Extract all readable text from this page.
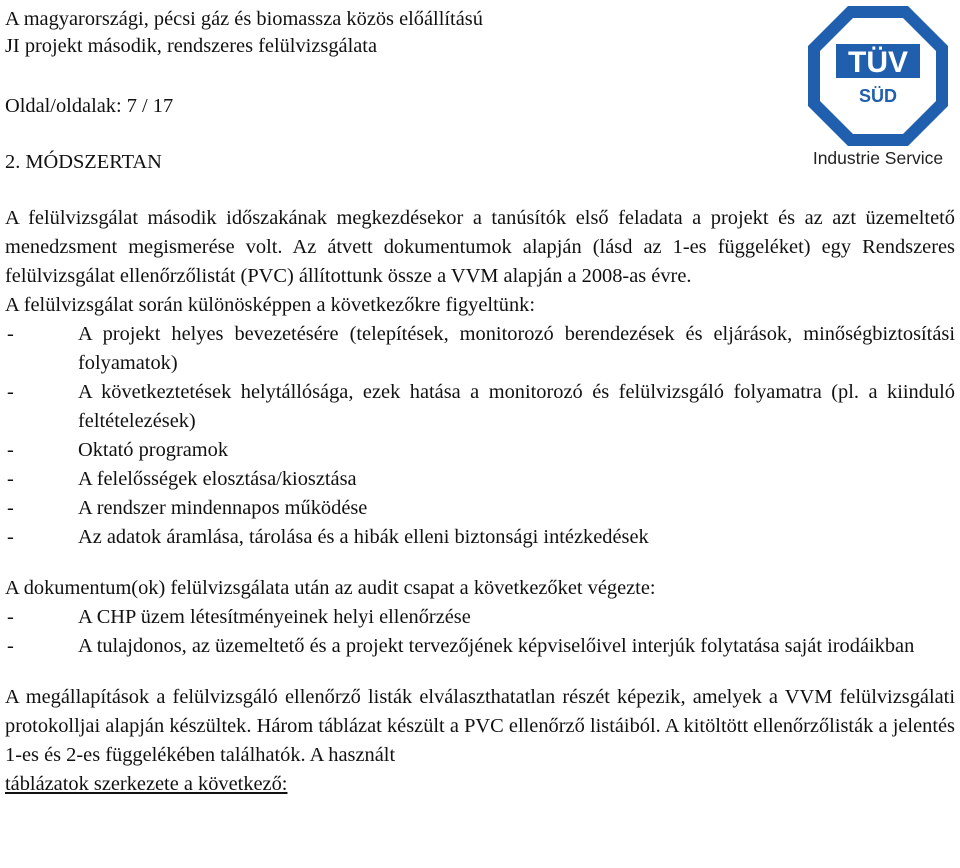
A magyarországi, pécsi gáz és biomassza közös előállítású
JI projekt második, rendszeres felülvizsgálata
Oldal/oldalak: 7 / 17
2. MÓDSZERTAN
TÜV
SÜD
Industrie Service

A felülvizsgálat második időszakának megkezdésekor a tanúsítók első feladata a projekt és az azt üzemeltető menedzsment megismerése volt. Az átvett dokumentumok alapján (lásd az 1-es függeléket) egy Rendszeres felülvizsgálat ellenőrzőlistát (PVC) állítottunk össze a VVM alapján a 2008-as évre.

A felülvizsgálat során különösképpen a következőkre figyeltünk:

- A projekt helyes bevezetésére (telepítések, monitorozó berendezések és eljárások, minőségbiztosítási folyamatok)
- A következtetések helytállósága, ezek hatása a monitorozó és felülvizsgáló folyamatra (pl. a kiinduló feltételezések)
- Oktató programok
- A felelősségek elosztása/kiosztása
- A rendszer mindennapos működése
- Az adatok áramlása, tárolása és a hibák elleni biztonsági intézkedések

A dokumentum(ok) felülvizsgálata után az audit csapat a következőket végezte:

- A CHP üzem létesítményeinek helyi ellenőrzése
- A tulajdonos, az üzemeltető és a projekt tervezőjének képviselőivel interjúk folytatása saját irodáikban

A megállapítások a felülvizsgáló ellenőrző listák elválaszthatatlan részét képezik, amelyek a VVM felülvizsgálati protokolljai alapján készültek. Három táblázat készült a PVC ellenőrző listáiból. A kitöltött ellenőrzőlisták a jelentés 1-es és 2-es függelékében találhatók. A használt

táblázatok szerkezete a következő:
